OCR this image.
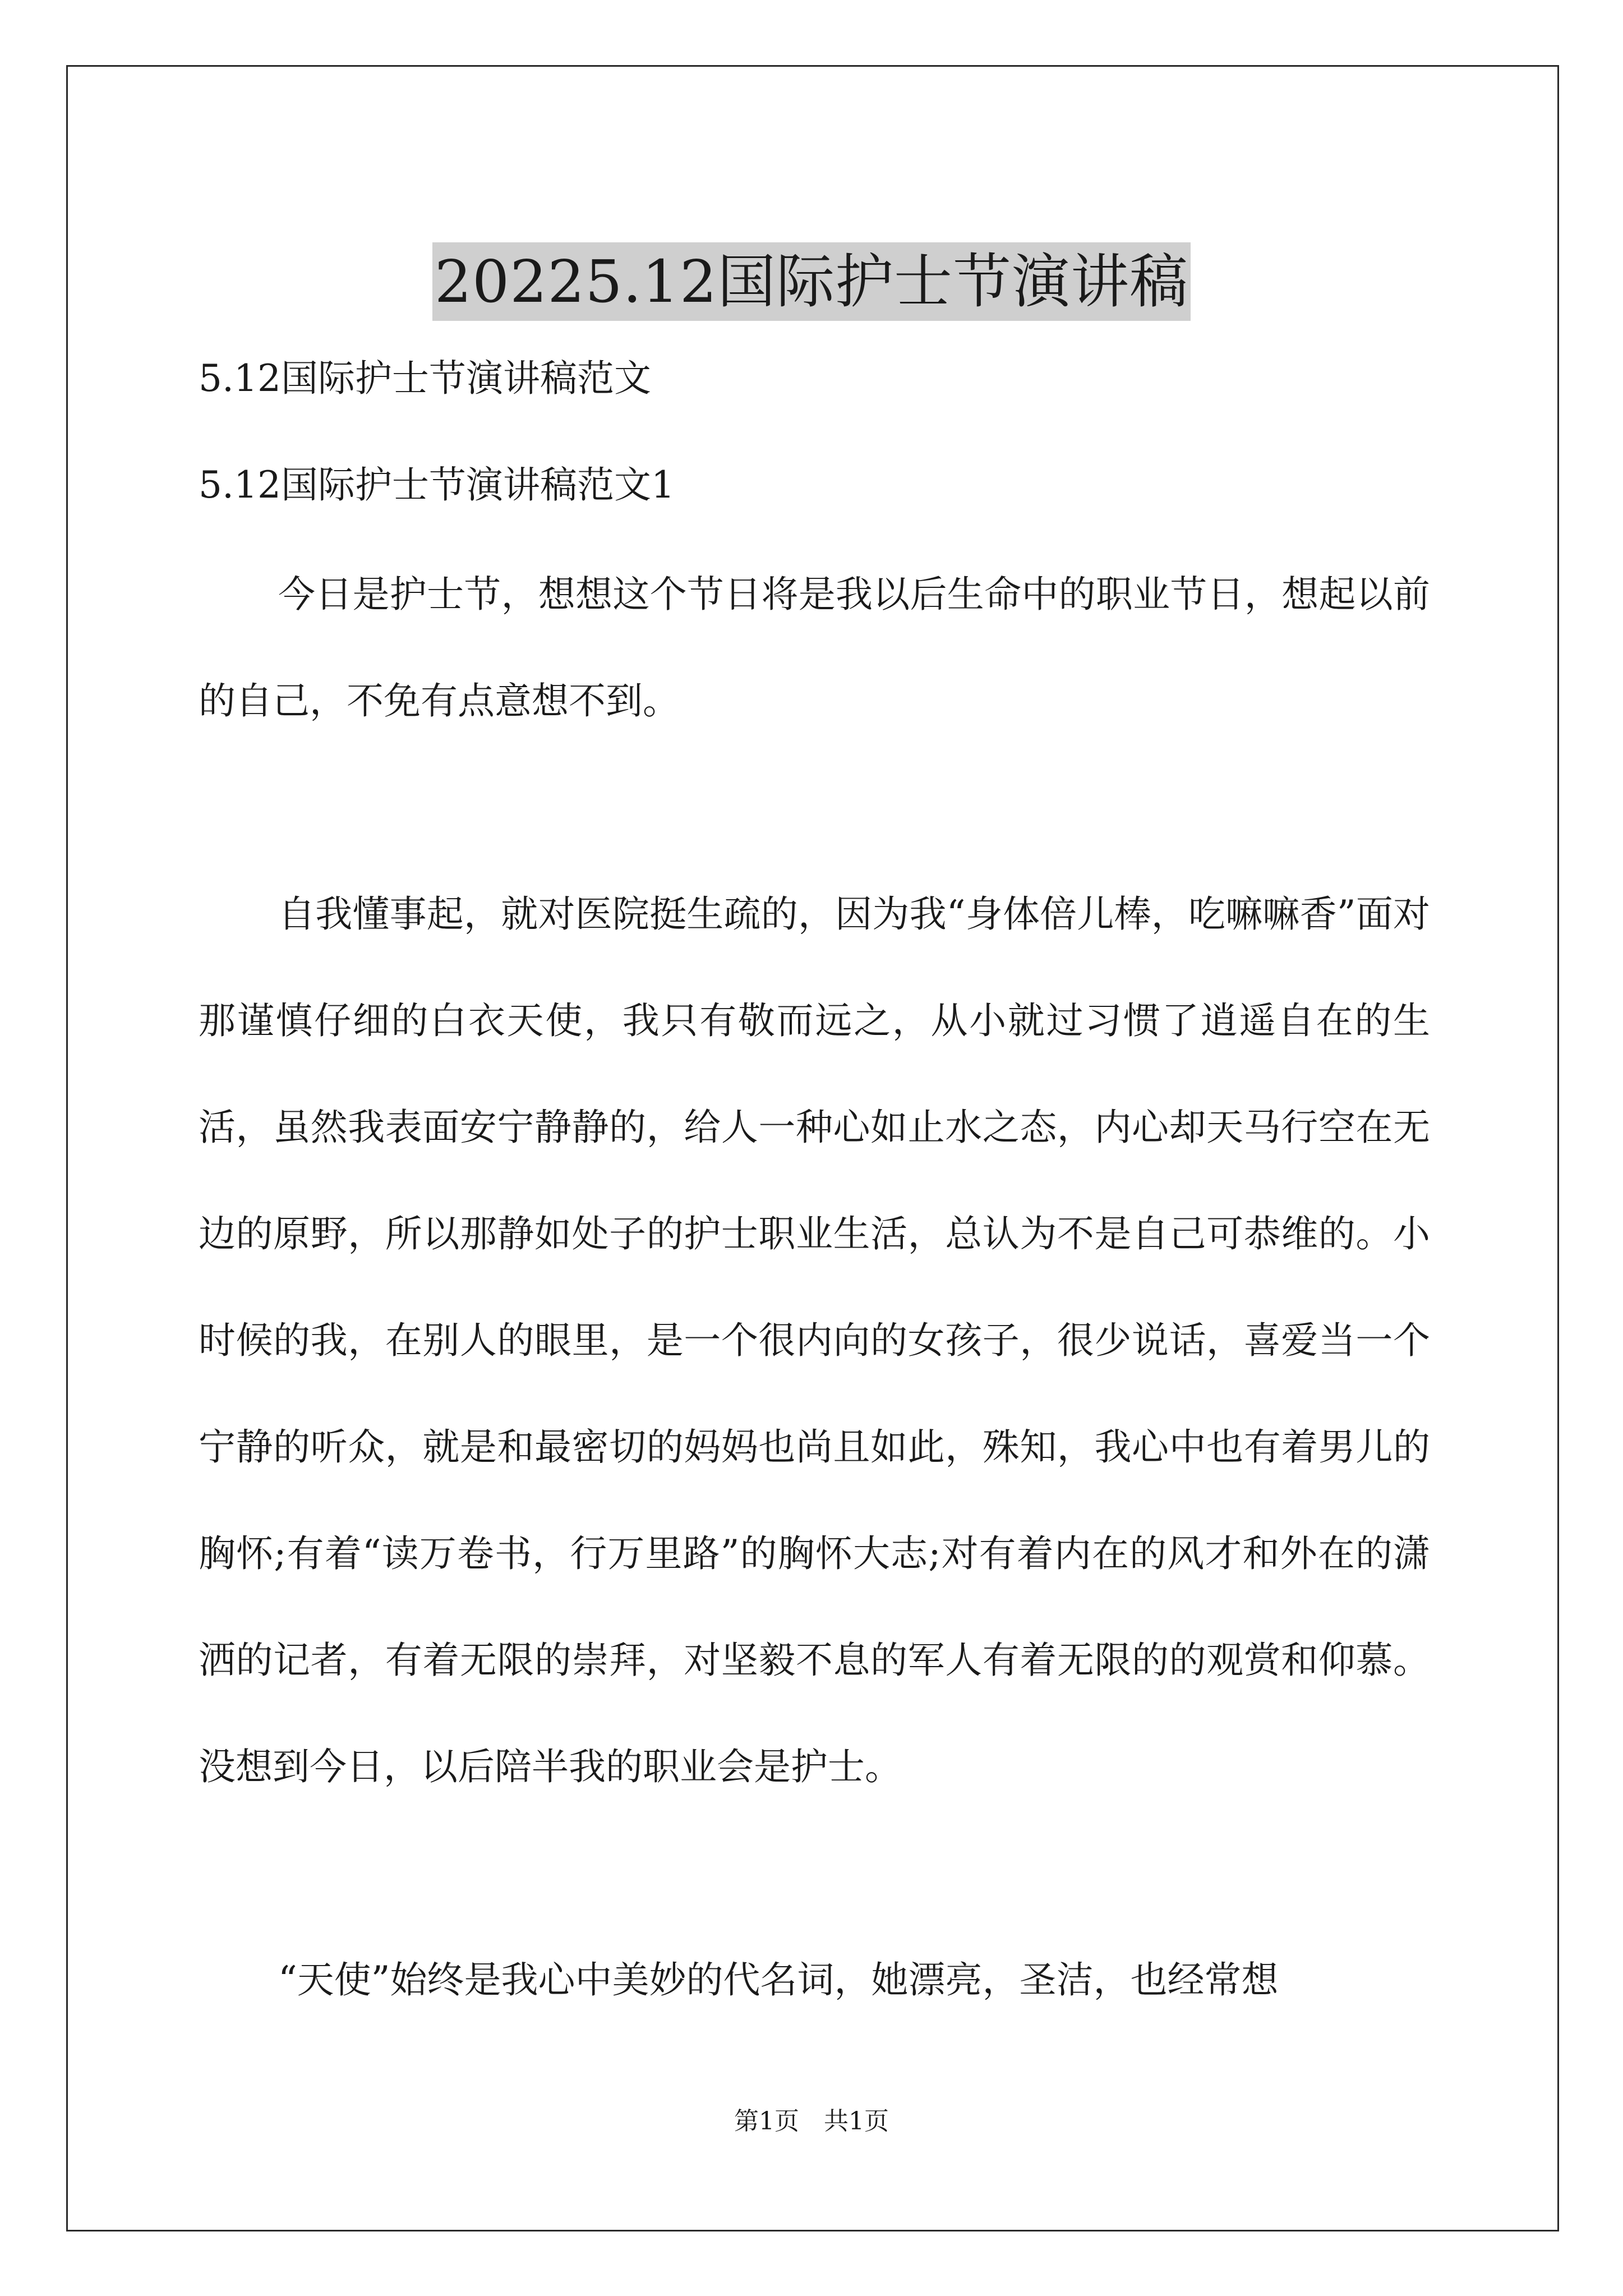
20225.12国际护士节演讲稿
5.12国际护士节演讲稿范文
5.12国际护士节演讲稿范文1

今日是护士节，想想这个节日将是我以后生命中的职业节日，想起以前的自己，不免有点意想不到。

自我懂事起，就对医院挺生疏的，因为我“身体倍儿棒，吃嘛嘛香”面对那谨慎仔细的白衣天使，我只有敬而远之，从小就过习惯了逍遥自在的生活，虽然我表面安宁静静的，给人一种心如止水之态，内心却天马行空在无边的原野，所以那静如处子的护士职业生活，总认为不是自己可恭维的。小时候的我，在别人的眼里，是一个很内向的女孩子，很少说话，喜爱当一个宁静的听众，就是和最密切的妈妈也尚且如此，殊知，我心中也有着男儿的胸怀;有着“读万卷书，行万里路”的胸怀大志;对有着内在的风才和外在的潇洒的记者，有着无限的崇拜，对坚毅不息的军人有着无限的的观赏和仰慕。没想到今日，以后陪半我的职业会是护士。

“天使”始终是我心中美妙的代名词，她漂亮，圣洁，也经常想

第1页　共1页
